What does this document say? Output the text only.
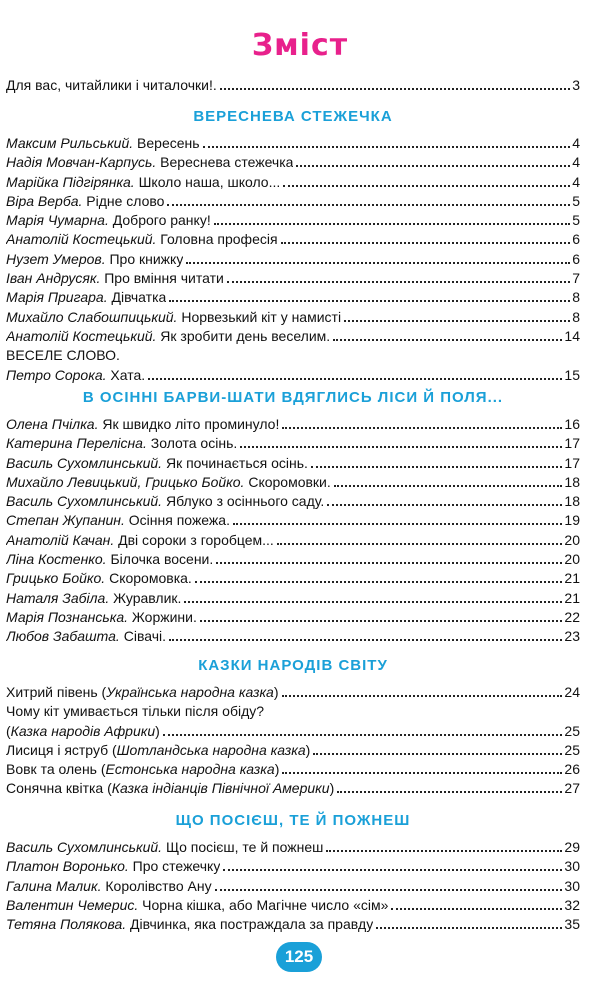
Зміст
Для вас, читайлики і читалочки!.	3
ВЕРЕСНЕВА СТЕЖЕЧКА
Максим Рильський. Вересень	4
Надія Мовчан-Карпусь. Вереснева стежечка	4
Марійка Підгірянка. Школо наша, школо...	4
Віра Верба. Рідне слово	5
Марія Чумарна. Доброго ранку!	5
Анатолій Костецький. Головна професія	6
Нузет Умеров. Про книжку	6
Іван Андрусяк. Про вміння читати	7
Марія Пригара. Дівчатка	8
Михайло Слабошпицький. Норвезький кіт у намисті	8
Анатолій Костецький. Як зробити день веселим.	14
ВЕСЕЛЕ СЛОВО.
Петро Сорока. Хата.	15
В ОСІННІ БАРВИ-ШАТИ ВДЯГЛИСЬ ЛІСИ Й ПОЛЯ...
Олена Пчілка. Як швидко літо проминуло!	16
Катерина Перелісна. Золота осінь.	17
Василь Сухомлинський. Як починається осінь.	17
Михайло Левицький, Грицько Бойко. Скоромовки.	18
Василь Сухомлинський. Яблуко з осіннього саду.	18
Степан Жупанин. Осіння пожежа.	19
Анатолій Качан. Дві сороки з горобцем...	20
Ліна Костенко. Білочка восени.	20
Грицько Бойко. Скоромовка.	21
Наталя Забіла. Журавлик.	21
Марія Познанська. Жоржини.	22
Любов Забашта. Сівачі.	23
КАЗКИ НАРОДІВ СВІТУ
Хитрий півень (Українська народна казка)	24
Чому кіт умивається тільки після обіду?
(Казка народів Африки)	25
Лисиця і яструб (Шотландська народна казка)	25
Вовк та олень (Естонська народна казка)	26
Сонячна квітка (Казка індіанців Північної Америки)	27
ЩО ПОСІЄШ, ТЕ Й ПОЖНЕШ
Василь Сухомлинський. Що посієш, те й пожнеш	29
Платон Воронько. Про стежечку	30
Галина Малик. Королівство Ану	30
Валентин Чемерис. Чорна кішка, або Магічне число «сім»	32
Тетяна Полякова. Дівчинка, яка постраждала за правду	35
125
